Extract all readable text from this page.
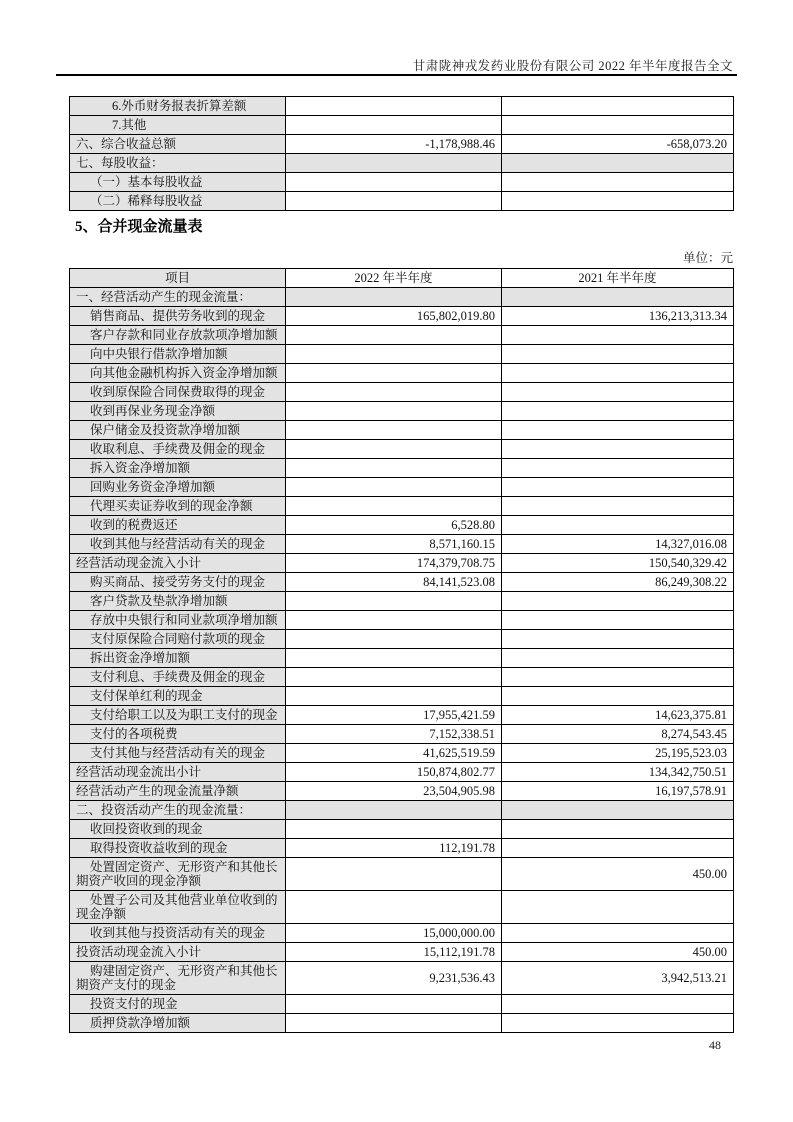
甘肃陇神戎发药业股份有限公司 2022 年半年度报告全文
6.外币财务报表折算差额		
7.其他		
六、综合收益总额	-1,178,988.46	-658,073.20
七、每股收益：		
（一）基本每股收益		
（二）稀释每股收益		
5、合并现金流量表
单位：元
项目	2022 年半年度	2021 年半年度
一、经营活动产生的现金流量：		
销售商品、提供劳务收到的现金	165,802,019.80	136,213,313.34
客户存款和同业存放款项净增加额		
向中央银行借款净增加额		
向其他金融机构拆入资金净增加额		
收到原保险合同保费取得的现金		
收到再保业务现金净额		
保户储金及投资款净增加额		
收取利息、手续费及佣金的现金		
拆入资金净增加额		
回购业务资金净增加额		
代理买卖证券收到的现金净额		
收到的税费返还	6,528.80	
收到其他与经营活动有关的现金	8,571,160.15	14,327,016.08
经营活动现金流入小计	174,379,708.75	150,540,329.42
购买商品、接受劳务支付的现金	84,141,523.08	86,249,308.22
客户贷款及垫款净增加额		
存放中央银行和同业款项净增加额		
支付原保险合同赔付款项的现金		
拆出资金净增加额		
支付利息、手续费及佣金的现金		
支付保单红利的现金		
支付给职工以及为职工支付的现金	17,955,421.59	14,623,375.81
支付的各项税费	7,152,338.51	8,274,543.45
支付其他与经营活动有关的现金	41,625,519.59	25,195,523.03
经营活动现金流出小计	150,874,802.77	134,342,750.51
经营活动产生的现金流量净额	23,504,905.98	16,197,578.91
二、投资活动产生的现金流量：		
收回投资收到的现金		
取得投资收益收到的现金	112,191.78	
处置固定资产、无形资产和其他长期资产收回的现金净额		450.00
处置子公司及其他营业单位收到的现金净额		
收到其他与投资活动有关的现金	15,000,000.00	
投资活动现金流入小计	15,112,191.78	450.00
购建固定资产、无形资产和其他长期资产支付的现金	9,231,536.43	3,942,513.21
投资支付的现金		
质押贷款净增加额		
48
